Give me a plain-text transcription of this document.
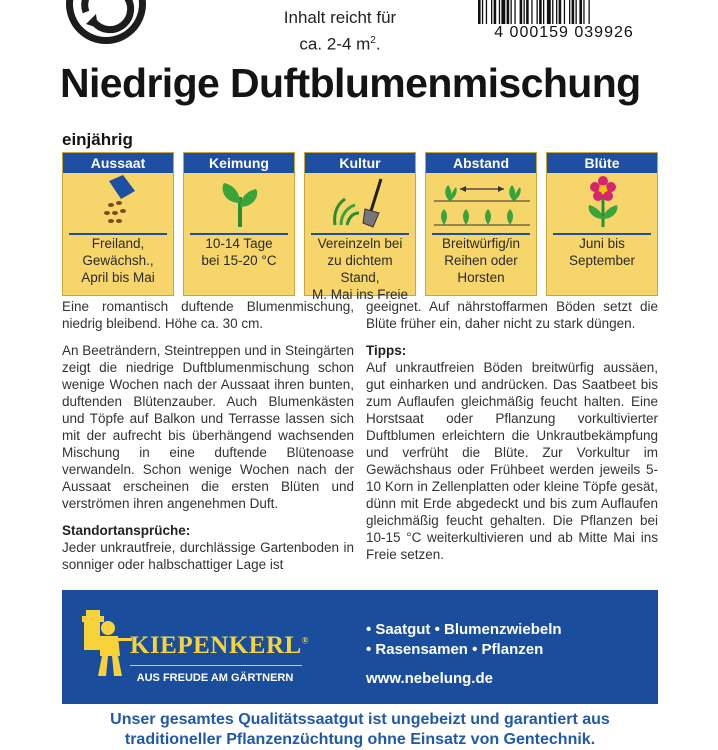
Inhalt reicht für
ca. 2-4 $m^2$.
4 000159 039926
Niedrige Duftblumenmischung
einjährig
Aussaat
Freiland,
Gewächsh.,
April bis Mai
Keimung
10-14 Tage
bei 15-20 °C
Kultur
Vereinzeln bei
zu dichtem Stand,
M. Mai ins Freie
Abstand
Breitwürfig/in
Reihen oder
Horsten
Blüte
Juni bis
September

Eine romantisch duftende Blumenmischung, niedrig bleibend. Höhe ca. 30 cm.

An Beeträndern, Steintreppen und in Steingärten zeigt die niedrige Duftblumenmischung schon wenige Wochen nach der Aussaat ihren bunten, duftenden Blütenzauber. Auch Blumenkästen und Töpfe auf Balkon und Terrasse lassen sich mit der aufrecht bis überhängend wachsenden Mischung in eine duftende Blütenoase verwandeln. Schon wenige Wochen nach der Aussaat erscheinen die ersten Blüten und verströmen ihren angenehmen Duft.

Standortansprüche:

Jeder unkrautfreie, durchlässige Gartenboden in sonniger oder halbschattiger Lage ist

geeignet. Auf nährstoffarmen Böden setzt die Blüte früher ein, daher nicht zu stark düngen.

Tipps:

Auf unkrautfreien Böden breitwürfig aussäen, gut einharken und andrücken. Das Saatbeet bis zum Auflaufen gleichmäßig feucht halten. Eine Horstsaat oder Pflanzung vorkultivierter Duftblumen erleichtern die Unkrautbekämpfung und verfrüht die Blüte. Zur Vorkultur im Gewächshaus oder Frühbeet werden jeweils 5-10 Korn in Zellenplatten oder kleine Töpfe gesät, dünn mit Erde abgedeckt und bis zum Auflaufen gleichmäßig feucht gehalten. Die Pflanzen bei 10-15 °C weiterkultivieren und ab Mitte Mai ins Freie setzen.

KIEPENKERL®
AUS FREUDE AM GÄRTNERN
• Saatgut • Blumenzwiebeln
• Rasensamen • Pflanzen
www.nebelung.de
Unser gesamtes Qualitätssaatgut ist ungebeizt und garantiert aus
traditioneller Pflanzenzüchtung ohne Einsatz von Gentechnik.
